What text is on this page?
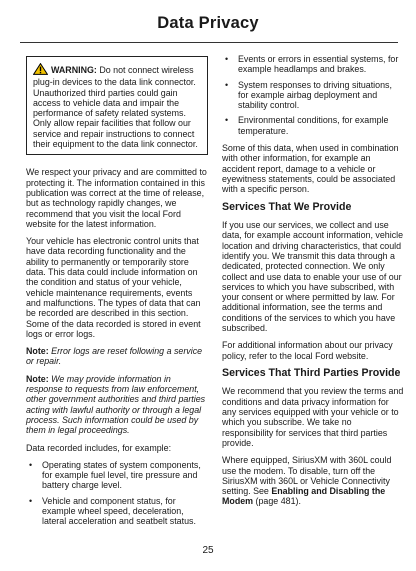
Data Privacy
WARNING: Do not connect wireless plug-in devices to the data link connector. Unauthorized third parties could gain access to vehicle data and impair the performance of safety related systems. Only allow repair facilities that follow our service and repair instructions to connect their equipment to the data link connector.

We respect your privacy and are committed to protecting it. The information contained in this publication was correct at the time of release, but as technology rapidly changes, we recommend that you visit the local Ford website for the latest information.

Your vehicle has electronic control units that have data recording functionality and the ability to permanently or temporarily store data. This data could include information on the condition and status of your vehicle, vehicle maintenance requirements, events and malfunctions. The types of data that can be recorded are described in this section. Some of the data recorded is stored in event logs or error logs.

Note: Error logs are reset following a service or repair.

Note: We may provide information in response to requests from law enforcement, other government authorities and third parties acting with lawful authority or through a legal process. Such information could be used by them in legal proceedings.

Data recorded includes, for example:

• Operating states of system components, for example fuel level, tire pressure and battery charge level.
• Vehicle and component status, for example wheel speed, deceleration, lateral acceleration and seatbelt status.
• Events or errors in essential systems, for example headlamps and brakes.
• System responses to driving situations, for example airbag deployment and stability control.
• Environmental conditions, for example temperature.

Some of this data, when used in combination with other information, for example an accident report, damage to a vehicle or eyewitness statements, could be associated with a specific person.

Services That We Provide

If you use our services, we collect and use data, for example account information, vehicle location and driving characteristics, that could identify you. We transmit this data through a dedicated, protected connection. We only collect and use data to enable your use of our services to which you have subscribed, with your consent or where permitted by law. For additional information, see the terms and conditions of the services to which you have subscribed.

For additional information about our privacy policy, refer to the local Ford website.

Services That Third Parties Provide

We recommend that you review the terms and conditions and data privacy information for any services equipped with your vehicle or to which you subscribe. We take no responsibility for services that third parties provide.

Where equipped, SiriusXM with 360L could use the modem. To disable, turn off the SiriusXM with 360L or Vehicle Connectivity setting. See Enabling and Disabling the Modem (page 481).

25
